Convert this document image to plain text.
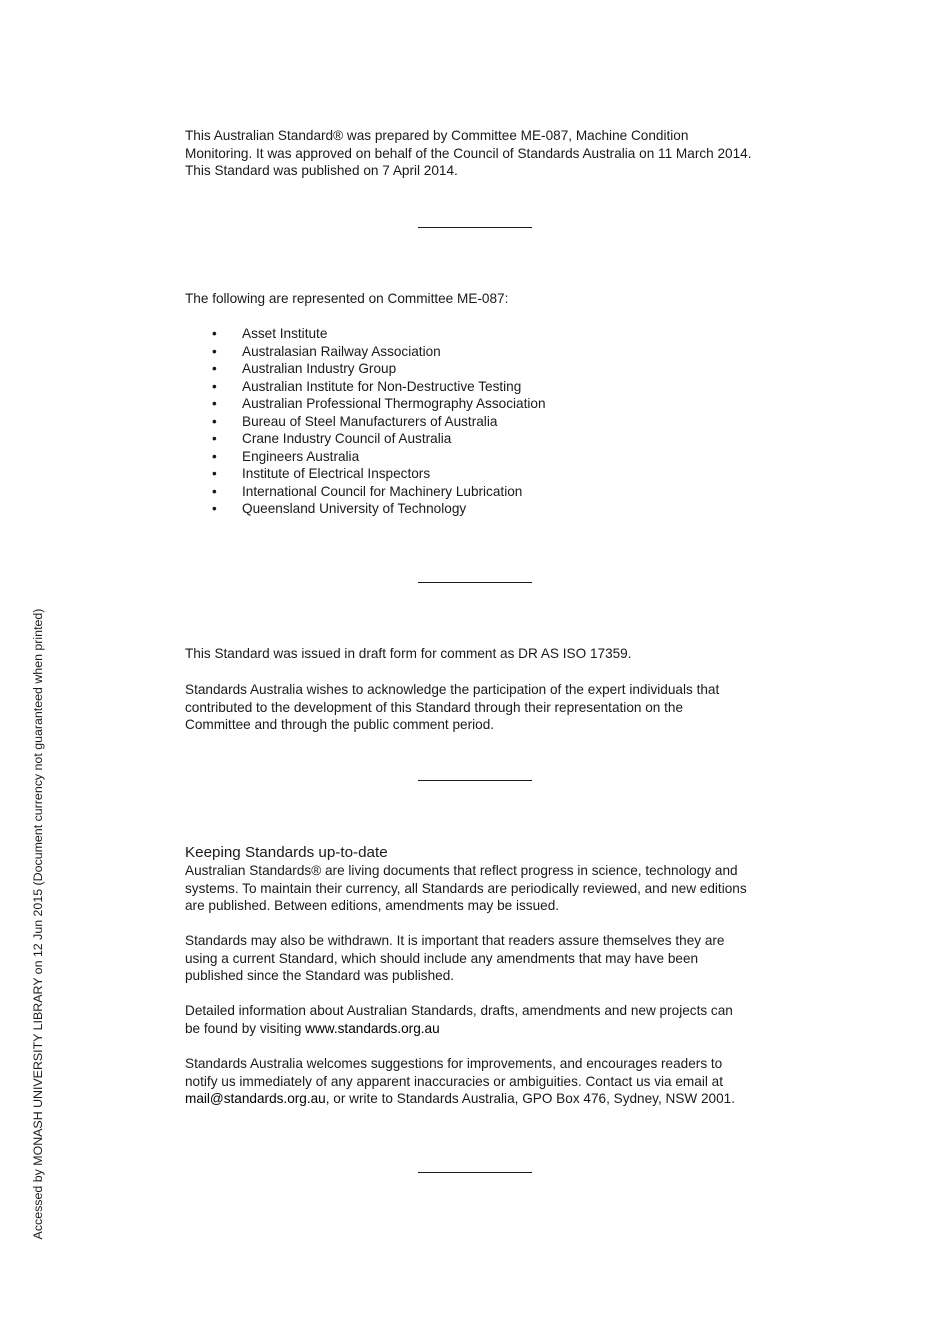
This Australian Standard® was prepared by Committee ME-087, Machine Condition
Monitoring. It was approved on behalf of the Council of Standards Australia on 11 March 2014.
This Standard was published on 7 April 2014.

The following are represented on Committee ME-087:

• Asset Institute
• Australasian Railway Association
• Australian Industry Group
• Australian Institute for Non-Destructive Testing
• Australian Professional Thermography Association
• Bureau of Steel Manufacturers of Australia
• Crane Industry Council of Australia
• Engineers Australia
• Institute of Electrical Inspectors
• International Council for Machinery Lubrication
• Queensland University of Technology

This Standard was issued in draft form for comment as DR AS ISO 17359.

Standards Australia wishes to acknowledge the participation of the expert individuals that
contributed to the development of this Standard through their representation on the
Committee and through the public comment period.

Keeping Standards up-to-date

Australian Standards® are living documents that reflect progress in science, technology and
systems. To maintain their currency, all Standards are periodically reviewed, and new editions
are published. Between editions, amendments may be issued.

Standards may also be withdrawn. It is important that readers assure themselves they are
using a current Standard, which should include any amendments that may have been
published since the Standard was published.

Detailed information about Australian Standards, drafts, amendments and new projects can
be found by visiting www.standards.org.au

Standards Australia welcomes suggestions for improvements, and encourages readers to
notify us immediately of any apparent inaccuracies or ambiguities. Contact us via email at
mail@standards.org.au, or write to Standards Australia, GPO Box 476, Sydney, NSW 2001.

Accessed by MONASH UNIVERSITY LIBRARY on 12 Jun 2015 (Document currency not guaranteed when printed)
